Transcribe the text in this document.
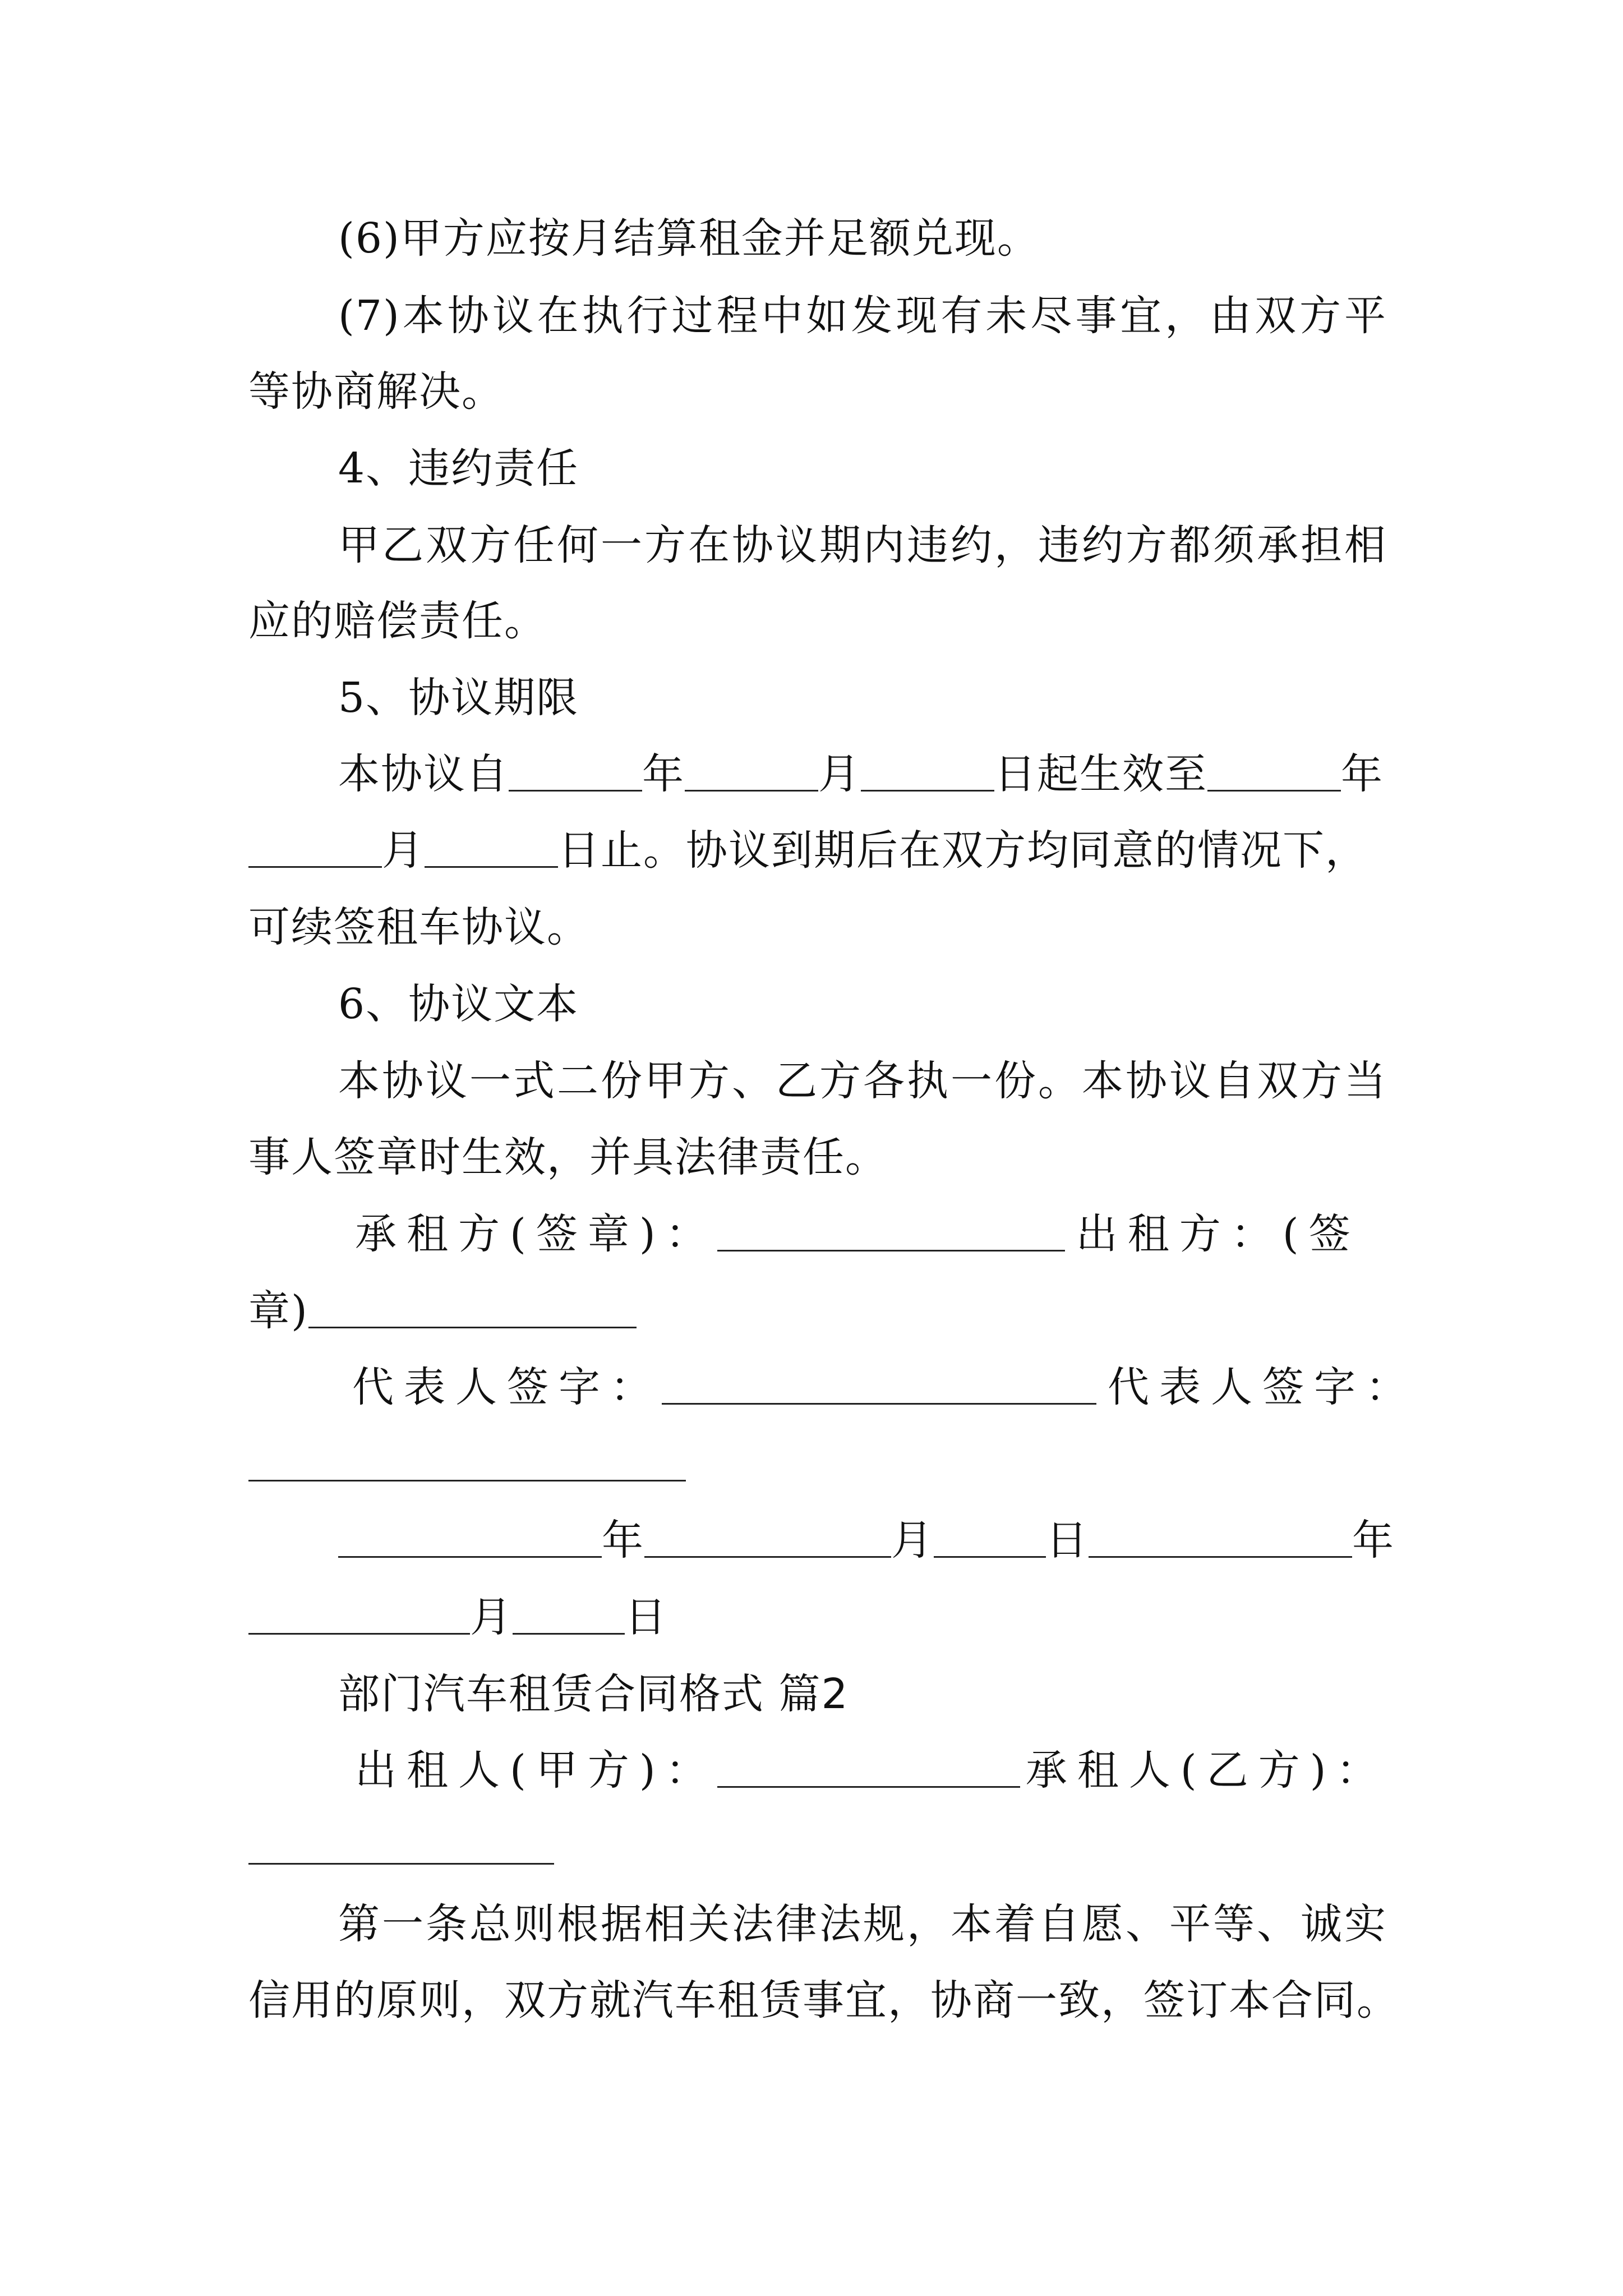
(6)甲方应按月结算租金并足额兑现。
(7)本协议在执行过程中如发现有未尽事宜，由双方平
等协商解决。
4、违约责任
甲乙双方任何一方在协议期内违约，违约方都须承担相
应的赔偿责任。
5、协议期限
本协议自	年	月	日起生效至	年
月	日止。协议到期后在双方均同意的情况下，
可续签租车协议。
6、协议文本
本协议一式二份甲方、乙方各执一份。本协议自双方当
事人签章时生效，并具法律责任。
承租方(签章)：	出租方：(签
章)
代表人签字：	代表人签字：
年	月	日	年
月	日
部门汽车租赁合同格式 篇2
出租人(甲方)：	承租人(乙方)：
第一条总则根据相关法律法规，本着自愿、平等、诚实
信用的原则，双方就汽车租赁事宜，协商一致，签订本合同。
